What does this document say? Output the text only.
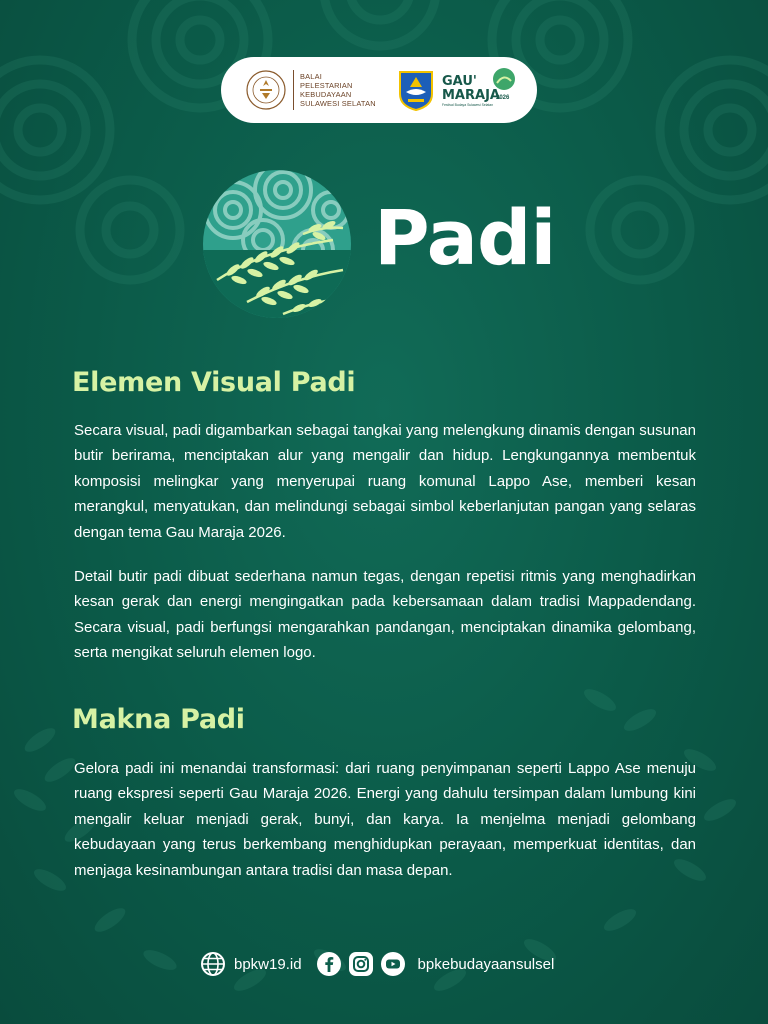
BALAI
PELESTARIAN
KEBUDAYAAN
SULAWESI SELATAN
GAU'
MARAJA
Festival Budaya Sulawesi Selatan
2026
Padi
Elemen Visual Padi

Secara visual, padi digambarkan sebagai tangkai yang melengkung dinamis dengan susunan butir berirama, menciptakan alur yang mengalir dan hidup. Lengkungannya membentuk komposisi melingkar yang menyerupai ruang komunal Lappo Ase, memberi kesan merangkul, menyatukan, dan melindungi sebagai simbol keberlanjutan pangan yang selaras dengan tema Gau Maraja 2026.

Detail butir padi dibuat sederhana namun tegas, dengan repetisi ritmis yang menghadirkan kesan gerak dan energi mengingatkan pada kebersamaan dalam tradisi Mappadendang. Secara visual, padi berfungsi mengarahkan pandangan, menciptakan dinamika gelombang, serta mengikat seluruh elemen logo.

Makna Padi

Gelora padi ini menandai transformasi: dari ruang penyimpanan seperti Lappo Ase menuju ruang ekspresi seperti Gau Maraja 2026. Energi yang dahulu tersimpan dalam lumbung kini mengalir keluar menjadi gerak, bunyi, dan karya. Ia menjelma menjadi gelombang kebudayaan yang terus berkembang menghidupkan perayaan, memperkuat identitas, dan menjaga kesinambungan antara tradisi dan masa depan.

bpkw19.id	bpkebudayaansulsel
